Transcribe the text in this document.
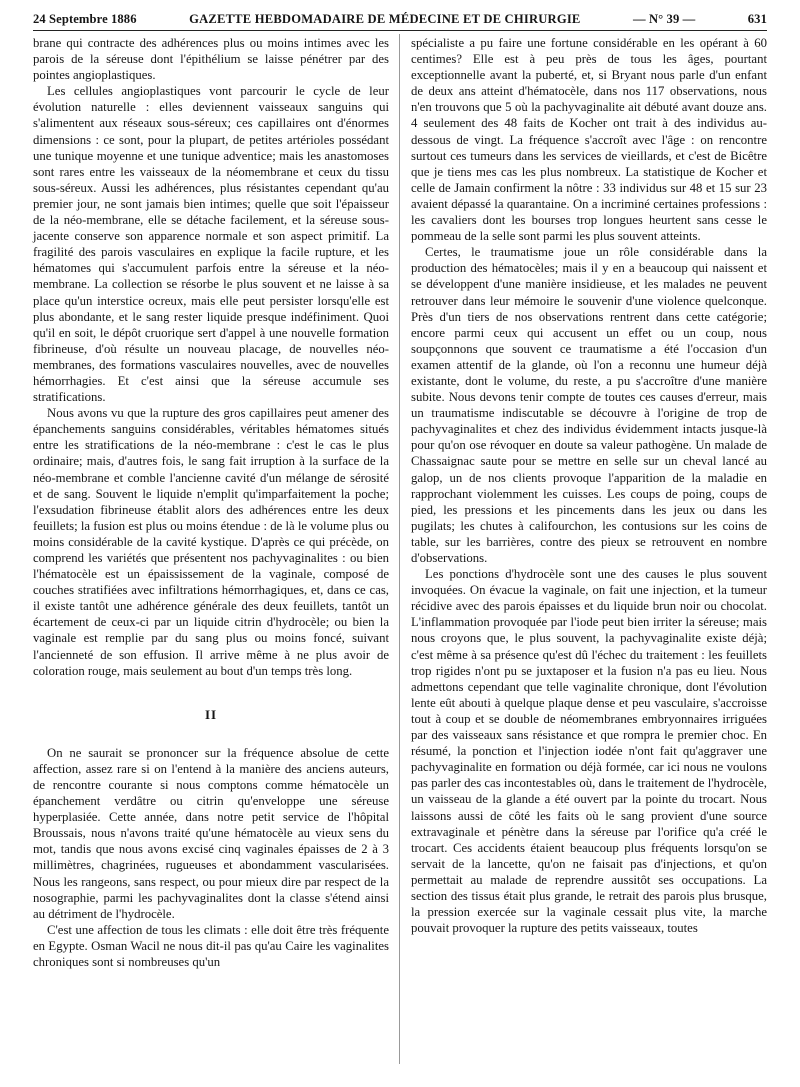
24 Septembre 1886	GAZETTE HEBDOMADAIRE DE MÉDECINE ET DE CHIRURGIE	— N° 39 —	631

brane qui contracte des adhérences plus ou moins intimes avec les parois de la séreuse dont l'épithélium se laisse pénétrer par des pointes angioplastiques.

Les cellules angioplastiques vont parcourir le cycle de leur évolution naturelle : elles deviennent vaisseaux sanguins qui s'alimentent aux réseaux sous-séreux; ces capillaires ont d'énormes dimensions : ce sont, pour la plupart, de petites artérioles possédant une tunique moyenne et une tunique adventice; mais les anastomoses sont rares entre les vaisseaux de la néomembrane et ceux du tissu sous-séreux. Aussi les adhérences, plus résistantes cependant qu'au premier jour, ne sont jamais bien intimes; quelle que soit l'épaisseur de la néo-membrane, elle se détache facilement, et la séreuse sous-jacente conserve son apparence normale et son aspect primitif. La fragilité des parois vasculaires en explique la facile rupture, et les hématomes qui s'accumulent parfois entre la séreuse et la néo-membrane. La collection se résorbe le plus souvent et ne laisse à sa place qu'un interstice ocreux, mais elle peut persister lorsqu'elle est plus abondante, et le sang rester liquide presque indéfiniment. Quoi qu'il en soit, le dépôt cruorique sert d'appel à une nouvelle formation fibrineuse, d'où résulte un nouveau placage, de nouvelles néo-membranes, des formations vasculaires nouvelles, avec de nouvelles hémorrhagies. Et c'est ainsi que la séreuse accumule ses stratifications.

Nous avons vu que la rupture des gros capillaires peut amener des épanchements sanguins considérables, véritables hématomes situés entre les stratifications de la néo-membrane : c'est le cas le plus ordinaire; mais, d'autres fois, le sang fait irruption à la surface de la néo-membrane et comble l'ancienne cavité d'un mélange de sérosité et de sang. Souvent le liquide n'emplit qu'imparfaitement la poche; l'exsudation fibrineuse établit alors des adhérences entre les deux feuillets; la fusion est plus ou moins étendue : de là le volume plus ou moins considérable de la cavité kystique. D'après ce qui précède, on comprend les variétés que présentent nos pachyvaginalites : ou bien l'hématocèle est un épaississement de la vaginale, composé de couches stratifiées avec infiltrations hémorrhagiques, et, dans ce cas, il existe tantôt une adhérence générale des deux feuillets, tantôt un écartement de ceux-ci par un liquide citrin d'hydrocèle; ou bien la vaginale est remplie par du sang plus ou moins foncé, suivant l'ancienneté de son effusion. Il arrive même à ne plus avoir de coloration rouge, mais seulement au bout d'un temps très long.

II

On ne saurait se prononcer sur la fréquence absolue de cette affection, assez rare si on l'entend à la manière des anciens auteurs, de rencontre courante si nous comptons comme hématocèle un épanchement verdâtre ou citrin qu'enveloppe une séreuse hyperplasiée. Cette année, dans notre petit service de l'hôpital Broussais, nous n'avons traité qu'une hématocèle au vieux sens du mot, tandis que nous avons excisé cinq vaginales épaisses de 2 à 3 millimètres, chagrinées, rugueuses et abondamment vascularisées. Nous les rangeons, sans respect, ou pour mieux dire par respect de la nosographie, parmi les pachyvaginalites dont la classe s'étend ainsi au détriment de l'hydrocèle.

C'est une affection de tous les climats : elle doit être très fréquente en Egypte. Osman Wacil ne nous dit-il pas qu'au Caire les vaginalites chroniques sont si nombreuses qu'un

spécialiste a pu faire une fortune considérable en les opérant à 60 centimes? Elle est à peu près de tous les âges, pourtant exceptionnelle avant la puberté, et, si Bryant nous parle d'un enfant de deux ans atteint d'hématocèle, dans nos 117 observations, nous n'en trouvons que 5 où la pachyvaginalite ait débuté avant douze ans. 4 seulement des 48 faits de Kocher ont trait à des individus au-dessous de vingt. La fréquence s'accroît avec l'âge : on rencontre surtout ces tumeurs dans les services de vieillards, et c'est de Bicêtre que je tiens mes cas les plus nombreux. La statistique de Kocher et celle de Jamain confirment la nôtre : 33 individus sur 48 et 15 sur 23 avaient dépassé la quarantaine. On a incriminé certaines professions : les cavaliers dont les bourses trop longues heurtent sans cesse le pommeau de la selle sont parmi les plus souvent atteints.

Certes, le traumatisme joue un rôle considérable dans la production des hématocèles; mais il y en a beaucoup qui naissent et se développent d'une manière insidieuse, et les malades ne peuvent retrouver dans leur mémoire le souvenir d'une violence quelconque. Près d'un tiers de nos observations rentrent dans cette catégorie; encore parmi ceux qui accusent un effet ou un coup, nous soupçonnons que souvent ce traumatisme a été l'occasion d'un examen attentif de la glande, où l'on a reconnu une humeur déjà existante, dont le volume, du reste, a pu s'accroître d'une manière subite. Nous devons tenir compte de toutes ces causes d'erreur, mais un traumatisme indiscutable se découvre à l'origine de trop de pachyvaginalites et chez des individus évidemment intacts jusque-là pour qu'on ose révoquer en doute sa valeur pathogène. Un malade de Chassaignac saute pour se mettre en selle sur un cheval lancé au galop, un de nos clients provoque l'apparition de la maladie en rapprochant violemment les cuisses. Les coups de poing, coups de pied, les pressions et les pincements dans les jeux ou dans les pugilats; les chutes à califourchon, les contusions sur les coins de table, sur les barrières, contre des pieux se retrouvent en nombre d'observations.

Les ponctions d'hydrocèle sont une des causes le plus souvent invoquées. On évacue la vaginale, on fait une injection, et la tumeur récidive avec des parois épaisses et du liquide brun noir ou chocolat. L'inflammation provoquée par l'iode peut bien irriter la séreuse; mais nous croyons que, le plus souvent, la pachyvaginalite existe déjà; c'est même à sa présence qu'est dû l'échec du traitement : les feuillets trop rigides n'ont pu se juxtaposer et la fusion n'a pas eu lieu. Nous admettons cependant que telle vaginalite chronique, dont l'évolution lente eût abouti à quelque plaque dense et peu vasculaire, s'accroisse tout à coup et se double de néomembranes embryonnaires irriguées par des vaisseaux sans résistance et que rompra le premier choc. En résumé, la ponction et l'injection iodée n'ont fait qu'aggraver une pachyvaginalite en formation ou déjà formée, car ici nous ne voulons pas parler des cas incontestables où, dans le traitement de l'hydrocèle, un vaisseau de la glande a été ouvert par la pointe du trocart. Nous laissons aussi de côté les faits où le sang provient d'une source extravaginale et pénètre dans la séreuse par l'orifice qu'a créé le trocart. Ces accidents étaient beaucoup plus fréquents lorsqu'on se servait de la lancette, qu'on ne faisait pas d'injections, et qu'on permettait au malade de reprendre aussitôt ses occupations. La section des tissus était plus grande, le retrait des parois plus brusque, la pression exercée sur la vaginale cessait plus vite, la marche pouvait provoquer la rupture des petits vaisseaux, toutes
